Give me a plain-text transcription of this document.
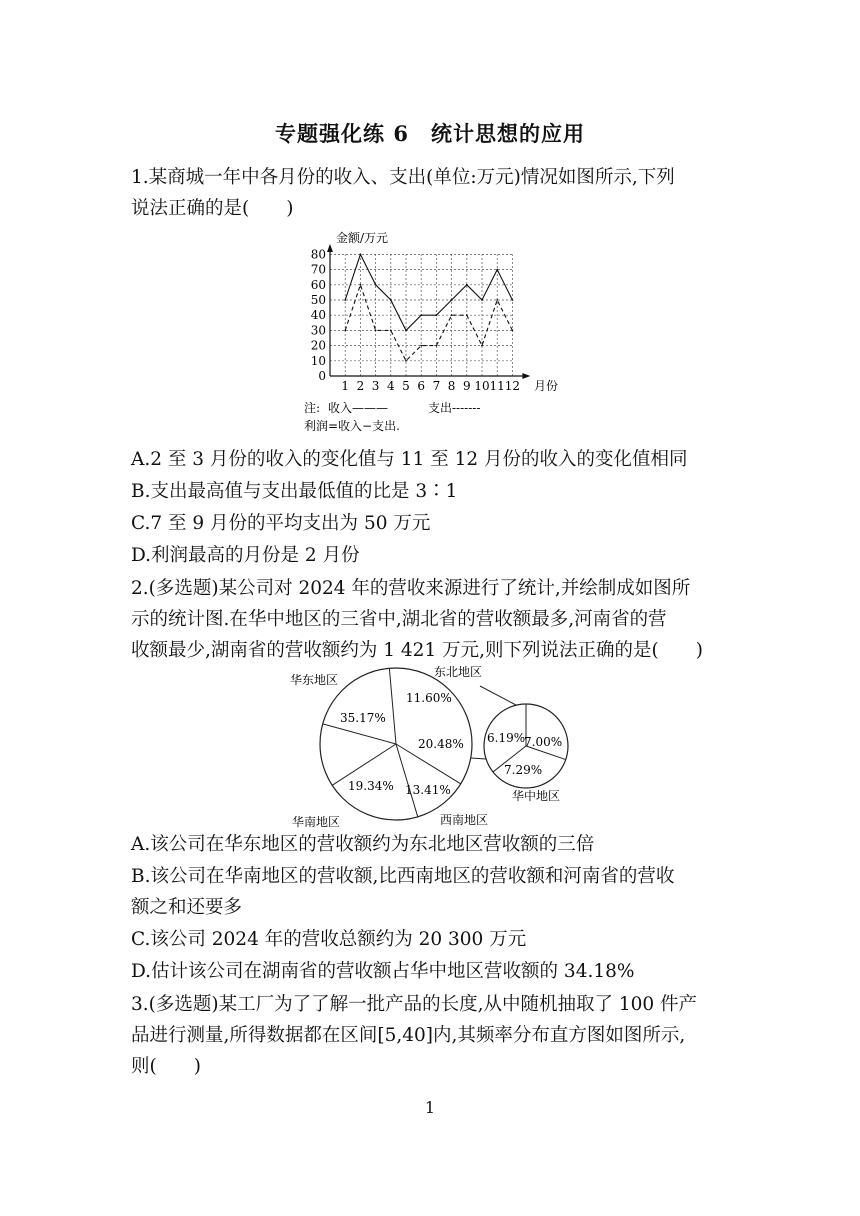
专题强化练 6　统计思想的应用
1.某商城一年中各月份的收入、支出(单位:万元)情况如图所示,下列
说法正确的是(　　)
0
10
20
30
40
50
60
70
80
1 2 3 4 5 6 7 8 9 10 11 12
金额/万元
月份
注: 收入———	支出-------
利润=收入−支出.
A.2 至 3 月份的收入的变化值与 11 至 12 月份的收入的变化值相同
B.支出最高值与支出最低值的比是 3∶1
C.7 至 9 月份的平均支出为 50 万元
D.利润最高的月份是 2 月份
2.(多选题)某公司对 2024 年的营收来源进行了统计,并绘制成如图所
示的统计图.在华中地区的三省中,湖北省的营收额最多,河南省的营
收额最少,湖南省的营收额约为 1 421 万元,则下列说法正确的是(　　)
35.17%
11.60%
20.48%
13.41%
19.34%
华东地区
东北地区
西南地区
华南地区
6.19%
7.00%
7.29%
华中地区
A.该公司在华东地区的营收额约为东北地区营收额的三倍
B.该公司在华南地区的营收额,比西南地区的营收额和河南省的营收
额之和还要多
C.该公司 2024 年的营收总额约为 20 300 万元
D.估计该公司在湖南省的营收额占华中地区营收额的 34.18%
3.(多选题)某工厂为了了解一批产品的长度,从中随机抽取了 100 件产
品进行测量,所得数据都在区间[5,40]内,其频率分布直方图如图所示,
则(　　)
1
